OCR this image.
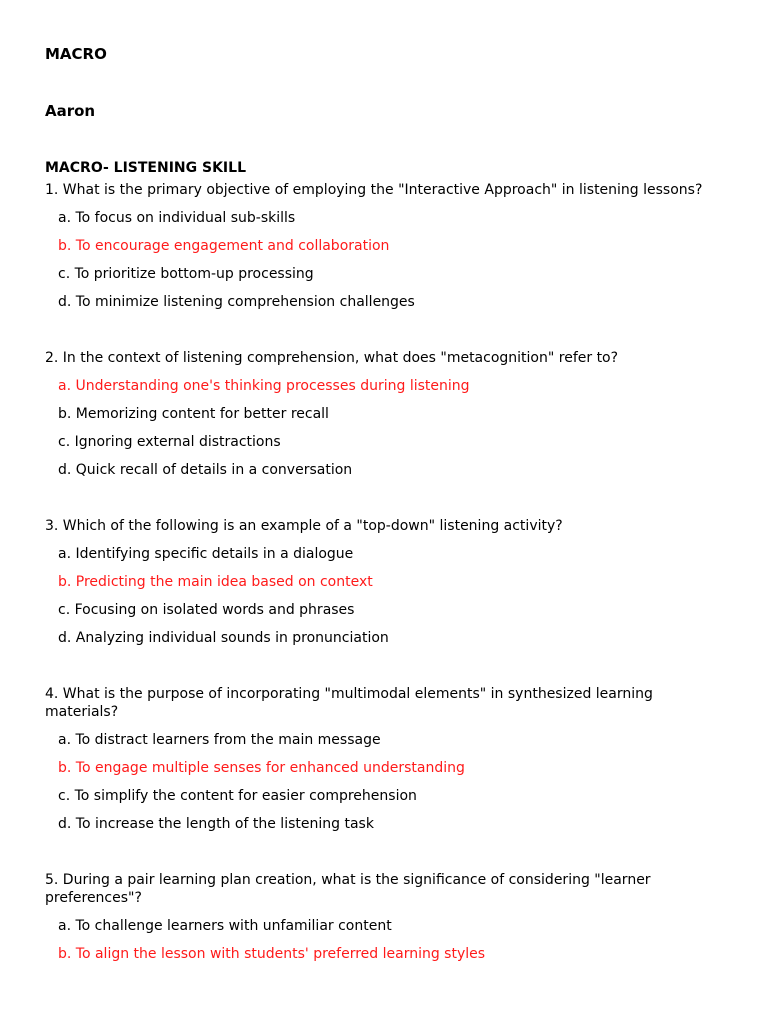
MACRO
Aaron
MACRO- LISTENING SKILL

1. What is the primary objective of employing the "Interactive Approach" in listening lessons?

a. To focus on individual sub-skills

b. To encourage engagement and collaboration

c. To prioritize bottom-up processing

d. To minimize listening comprehension challenges

2. In the context of listening comprehension, what does "metacognition" refer to?

a. Understanding one's thinking processes during listening

b. Memorizing content for better recall

c. Ignoring external distractions

d. Quick recall of details in a conversation

3. Which of the following is an example of a "top-down" listening activity?

a. Identifying specific details in a dialogue

b. Predicting the main idea based on context

c. Focusing on isolated words and phrases

d. Analyzing individual sounds in pronunciation

4. What is the purpose of incorporating "multimodal elements" in synthesized learning materials?

a. To distract learners from the main message

b. To engage multiple senses for enhanced understanding

c. To simplify the content for easier comprehension

d. To increase the length of the listening task

5. During a pair learning plan creation, what is the significance of considering "learner preferences"?

a. To challenge learners with unfamiliar content

b. To align the lesson with students' preferred learning styles
